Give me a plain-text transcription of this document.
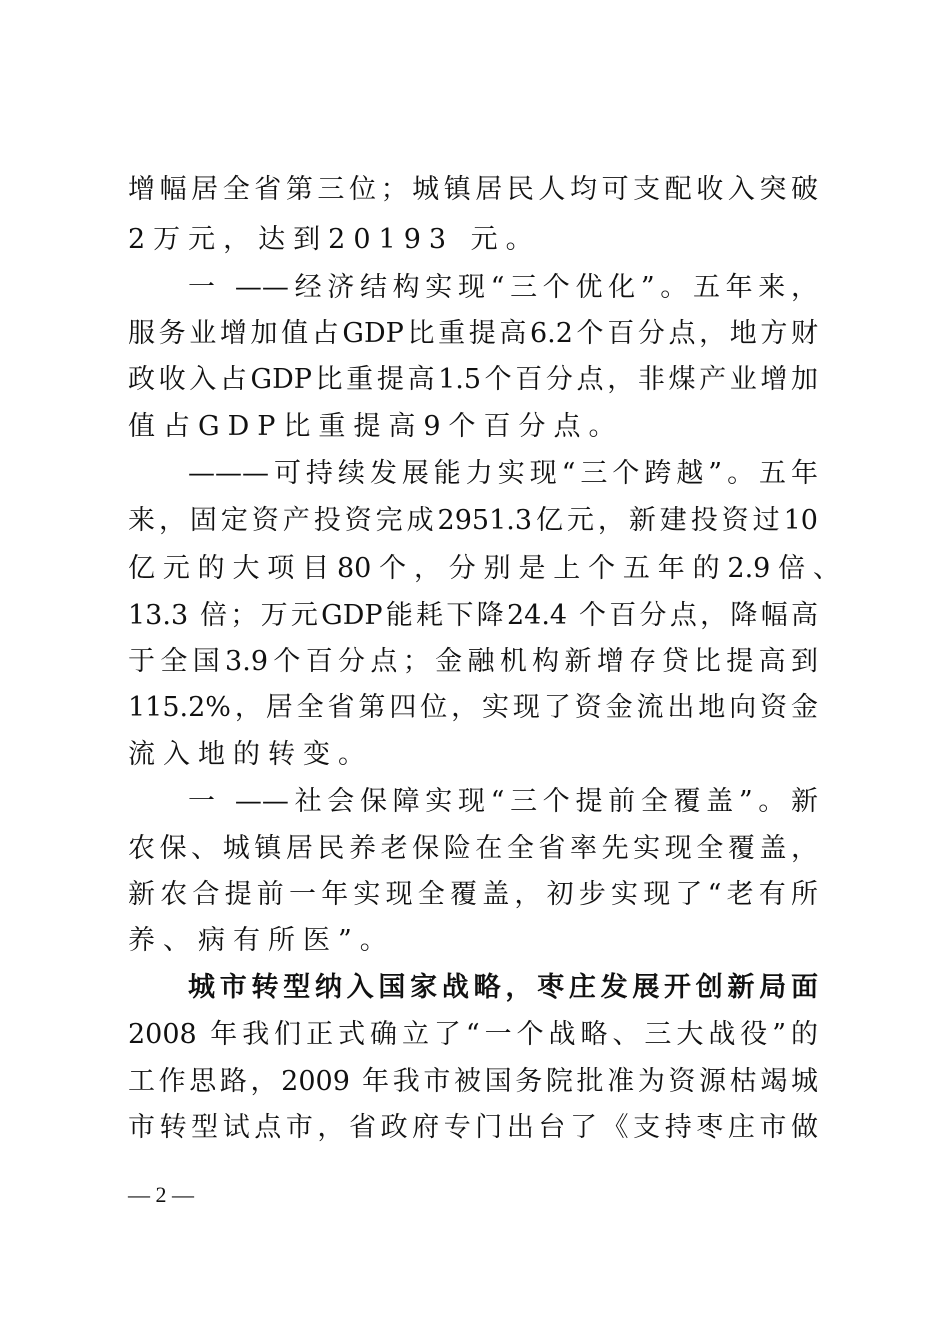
增幅居全省第三位；城镇居民人均可支配收入突破
2万元，达到20193 元。
一 ——经济结构实现“三个优化”。五年来，
服务业增加值占GDP比重提高6.2个百分点，地方财
政收入占GDP比重提高1.5个百分点，非煤产业增加
值占GDP比重提高9个百分点。
———可持续发展能力实现“三个跨越”。五年
来，固定资产投资完成2951.3亿元，新建投资过10
亿元的大项目80个，分别是上个五年的2.9倍、
13.3 倍；万元GDP能耗下降24.4 个百分点，降幅高
于全国3.9个百分点；金融机构新增存贷比提高到
115.2%，居全省第四位，实现了资金流出地向资金
流入地的转变。
一 ——社会保障实现“三个提前全覆盖”。新
农保、城镇居民养老保险在全省率先实现全覆盖，
新农合提前一年实现全覆盖，初步实现了“老有所
养、病有所医”。
城市转型纳入国家战略，枣庄发展开创新局面
2008 年我们正式确立了“一个战略、三大战役”的
工作思路，2009 年我市被国务院批准为资源枯竭城
市转型试点市，省政府专门出台了《支持枣庄市做
— 2 —
